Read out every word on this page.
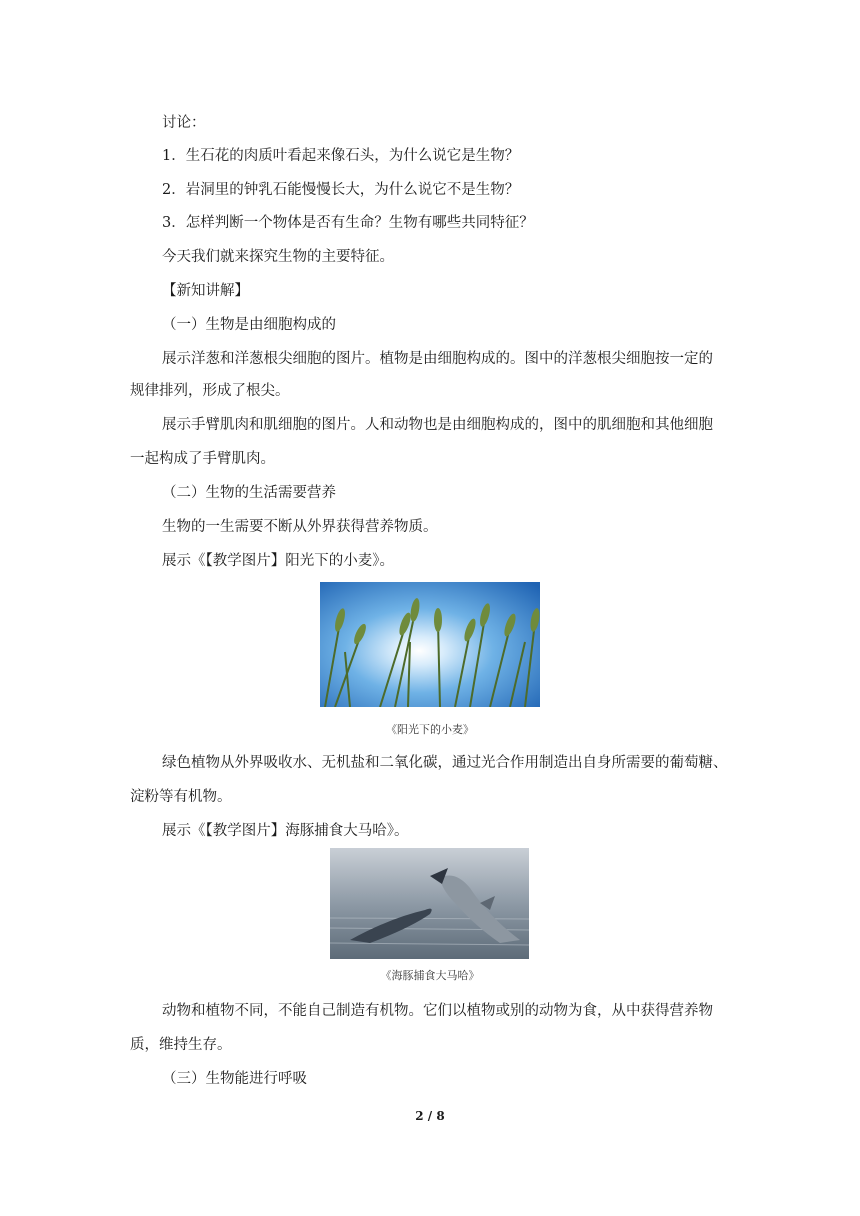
讨论：
1．生石花的肉质叶看起来像石头，为什么说它是生物？
2．岩洞里的钟乳石能慢慢长大，为什么说它不是生物？
3．怎样判断一个物体是否有生命？生物有哪些共同特征？
今天我们就来探究生物的主要特征。
【新知讲解】
（一）生物是由细胞构成的
展示洋葱和洋葱根尖细胞的图片。植物是由细胞构成的。图中的洋葱根尖细胞按一定的
规律排列，形成了根尖。
展示手臂肌肉和肌细胞的图片。人和动物也是由细胞构成的，图中的肌细胞和其他细胞
一起构成了手臂肌肉。
（二）生物的生活需要营养
生物的一生需要不断从外界获得营养物质。
展示《【教学图片】阳光下的小麦》。
《阳光下的小麦》
绿色植物从外界吸收水、无机盐和二氧化碳，通过光合作用制造出自身所需要的葡萄糖、
淀粉等有机物。
展示《【教学图片】海豚捕食大马哈》。
《海豚捕食大马哈》
动物和植物不同，不能自己制造有机物。它们以植物或别的动物为食，从中获得营养物
质，维持生存。
（三）生物能进行呼吸
2 / 8
